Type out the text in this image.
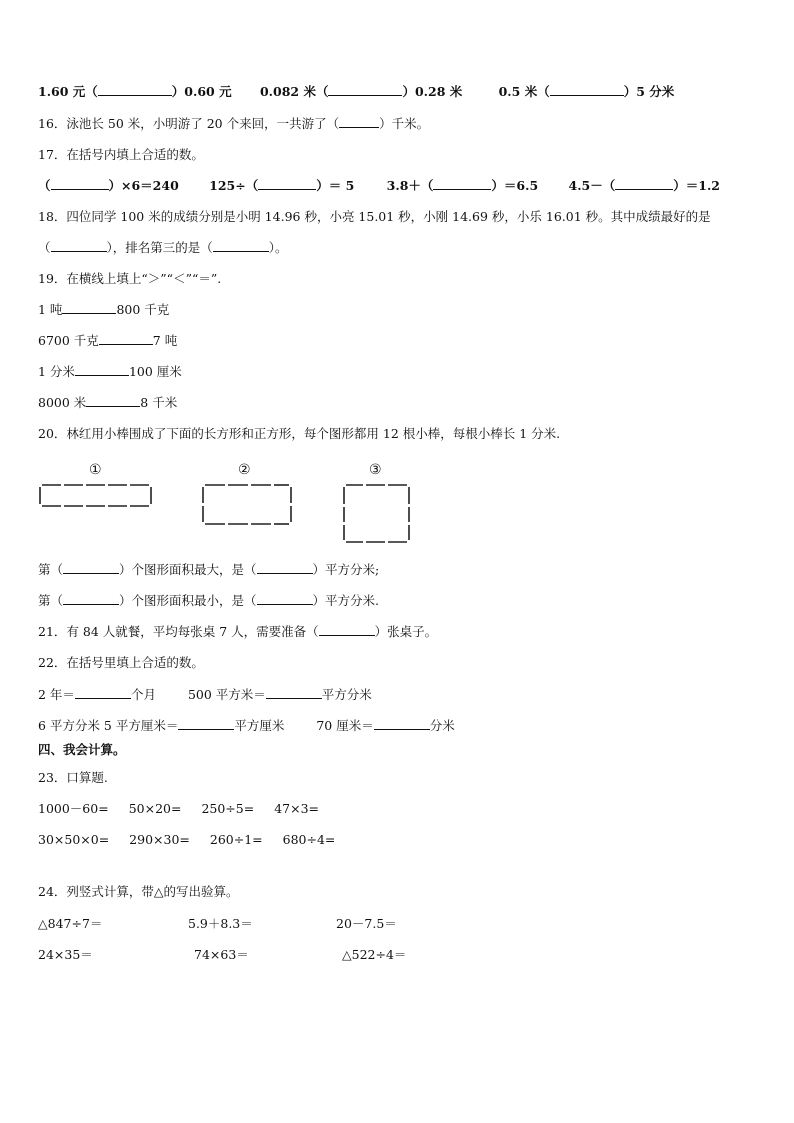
1.60 元（	）0.60 元 0.082 米（	）0.28 米	0.5 米（	）5 分米
16．泳池长 50 米，小明游了 20 个来回，一共游了（	）千米。
17．在括号内填上合适的数。
（	）×6＝240 125÷（	）＝ 5	3.8＋（	）＝6.5 4.5－（	）＝1.2
18．四位同学 100 米的成绩分别是小明 14.96 秒，小亮 15.01 秒，小刚 14.69 秒，小乐 16.01 秒。其中成绩最好的是
（	），排名第三的是（	）。
19．在横线上填上“＞”“＜”“＝”.
1 吨	800 千克
6700 千克	7 吨
1 分米	100 厘米
8000 米	8 千米
20．林红用小棒围成了下面的长方形和正方形，每个图形都用 12 根小棒，每根小棒长 1 分米.
①	②	③
第（	）个图形面积最大，是（	）平方分米;
第（	）个图形面积最小，是（	）平方分米.
21．有 84 人就餐，平均每张桌 7 人，需要准备（	）张桌子。
22．在括号里填上合适的数。
2 年＝	个月	500 平方米＝	平方分米
6 平方分米 5 平方厘米＝	平方厘米	70 厘米＝	分米
四、我会计算。
23．口算题.
1000－60= 50×20= 250÷5= 47×3=
30×50×0= 290×30= 260÷1= 680÷4=
24．列竖式计算，带△的写出验算。
△847÷7＝	5.9＋8.3＝	20－7.5＝
24×35＝	74×63＝	△522÷4＝
